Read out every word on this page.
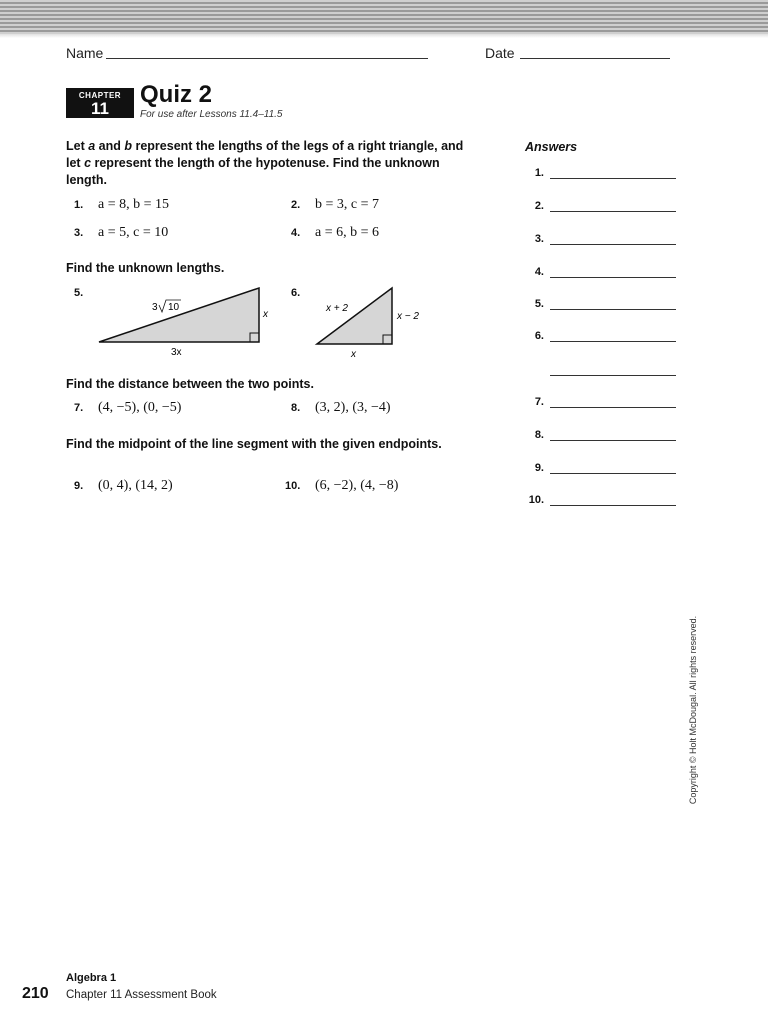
Name	Date
CHAPTER
11
Quiz 2
For use after Lessons 11.4–11.5
Let a and b represent the lengths of the legs of a right triangle, and let c represent the length of the hypotenuse. Find the unknown length.
1. a = 8, b = 15	2. b = 3, c = 7
3. a = 5, c = 10	4. a = 6, b = 6
Find the unknown lengths.
5.	6.
3 10
x
3x
x + 2
x − 2
x
Find the distance between the two points.
7. (4, −5), (0, −5)	8. (3, 2), (3, −4)
Find the midpoint of the line segment with the given endpoints.
9. (0, 4), (14, 2)	10. (6, −2), (4, −8)
Answers
1.
2.
3.
4.
5.
6.
7.
8.
9.
10.
Copyright © Holt McDougal. All rights reserved.
210
Algebra 1
Chapter 11 Assessment Book
